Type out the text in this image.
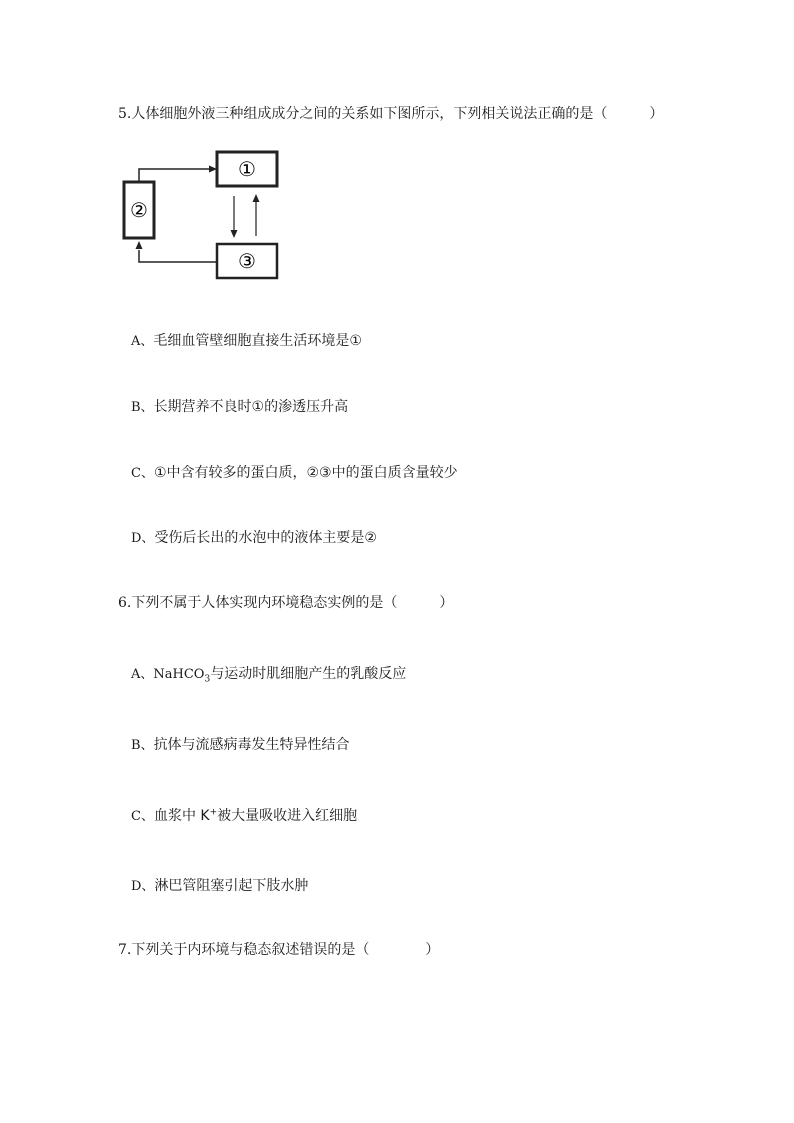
5.人体细胞外液三种组成成分之间的关系如下图所示，下列相关说法正确的是（　　　）
①
②
③
A、毛细血管壁细胞直接生活环境是①
B、长期营养不良时①的渗透压升高
C、①中含有较多的蛋白质，②③中的蛋白质含量较少
D、受伤后长出的水泡中的液体主要是②
6.下列不属于人体实现内环境稳态实例的是（　　　）
A、NaHCO$_3$与运动时肌细胞产生的乳酸反应
B、抗体与流感病毒发生特异性结合
C、血浆中 K+被大量吸收进入红细胞
D、淋巴管阻塞引起下肢水肿
7.下列关于内环境与稳态叙述错误的是（　　　　）
